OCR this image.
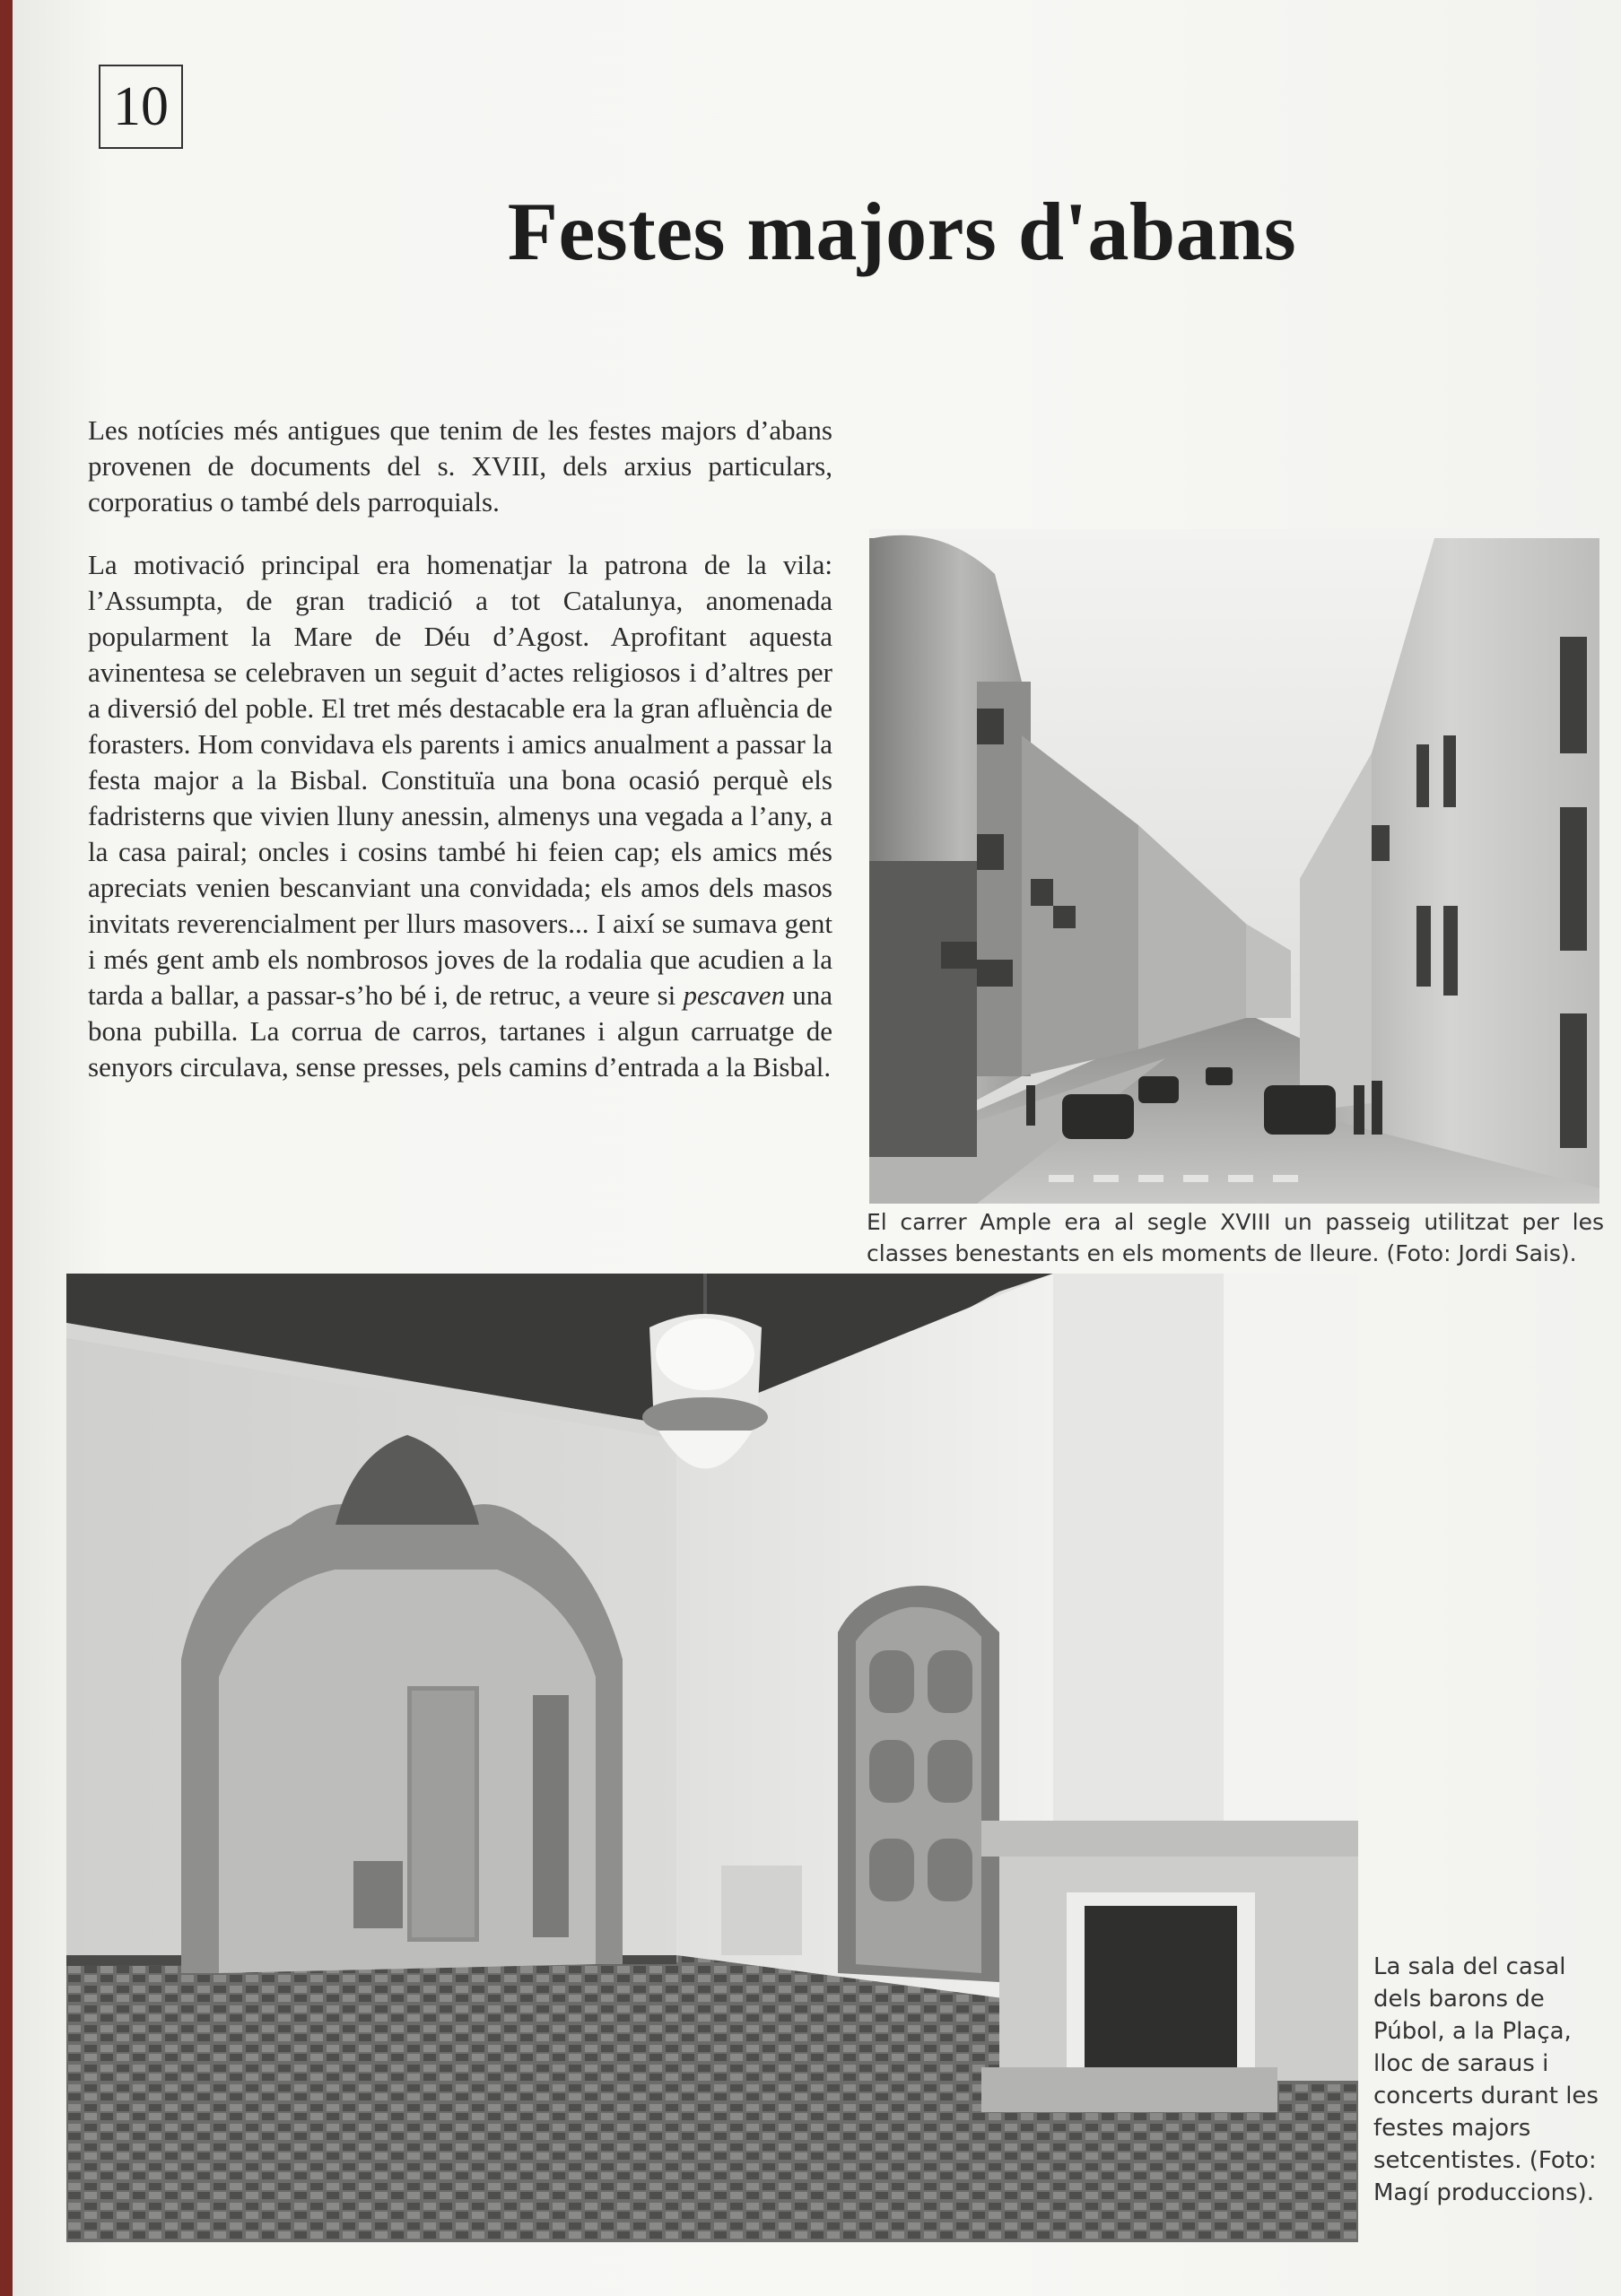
10
Festes majors d'abans

Les notícies més antigues que tenim de les festes majors d’abans provenen de documents del s. XVIII, dels arxius particulars, corporatius o també dels parroquials.

La motivació principal era homenatjar la patrona de la vila: l’Assumpta, de gran tradició a tot Catalunya, anomenada popularment la Mare de Déu d’Agost. Aprofitant aquesta avinentesa se celebraven un seguit d’actes religiosos i d’altres per a diversió del poble. El tret més destacable era la gran afluència de forasters. Hom convidava els parents i amics anualment a passar la festa major a la Bisbal. Constituïa una bona ocasió perquè els fadristerns que vivien lluny anessin, almenys una vegada a l’any, a la casa pairal; oncles i cosins també hi feien cap; els amics més apreciats venien bescanviant una convidada; els amos dels masos invitats reverencialment per llurs masovers... I així se sumava gent i més gent amb els nombrosos joves de la rodalia que acudien a la tarda a ballar, a passar-s’ho bé i, de retruc, a veure si pescaven una bona pubilla. La corrua de carros, tartanes i algun carruatge de senyors circulava, sense presses, pels camins d’entrada a la Bisbal.

El carrer Ample era al segle XVIII un passeig utilitzat per les classes benestants en els moments de lleure. (Foto: Jordi Sais).
La sala del casal dels barons de Púbol, a la Plaça, lloc de saraus i concerts durant les festes majors setcentistes. (Foto: Magí produccions).
